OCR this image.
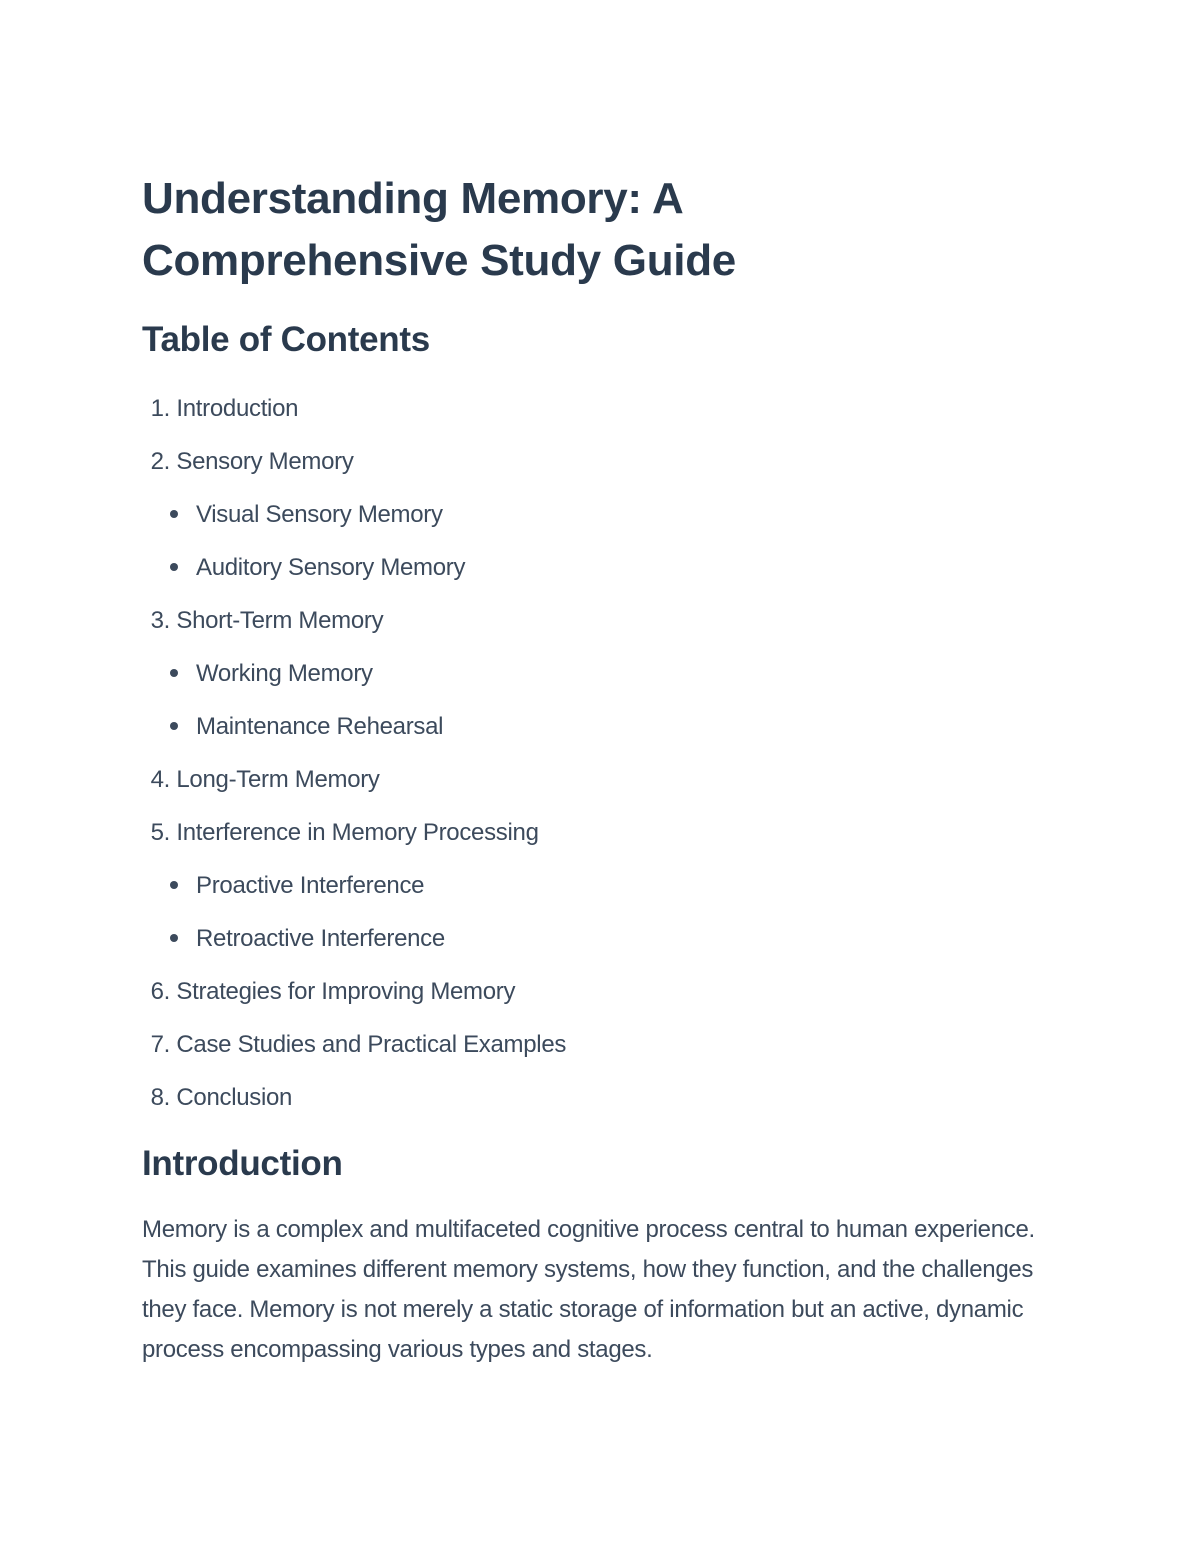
Understanding Memory: A
Comprehensive Study Guide
Table of Contents
1. Introduction
2. Sensory Memory
Visual Sensory Memory
Auditory Sensory Memory
3. Short-Term Memory
Working Memory
Maintenance Rehearsal
4. Long-Term Memory
5. Interference in Memory Processing
Proactive Interference
Retroactive Interference
6. Strategies for Improving Memory
7. Case Studies and Practical Examples
8. Conclusion
Introduction

Memory is a complex and multifaceted cognitive process central to human experience. This guide examines different memory systems, how they function, and the challenges they face. Memory is not merely a static storage of information but an active, dynamic process encompassing various types and stages.
